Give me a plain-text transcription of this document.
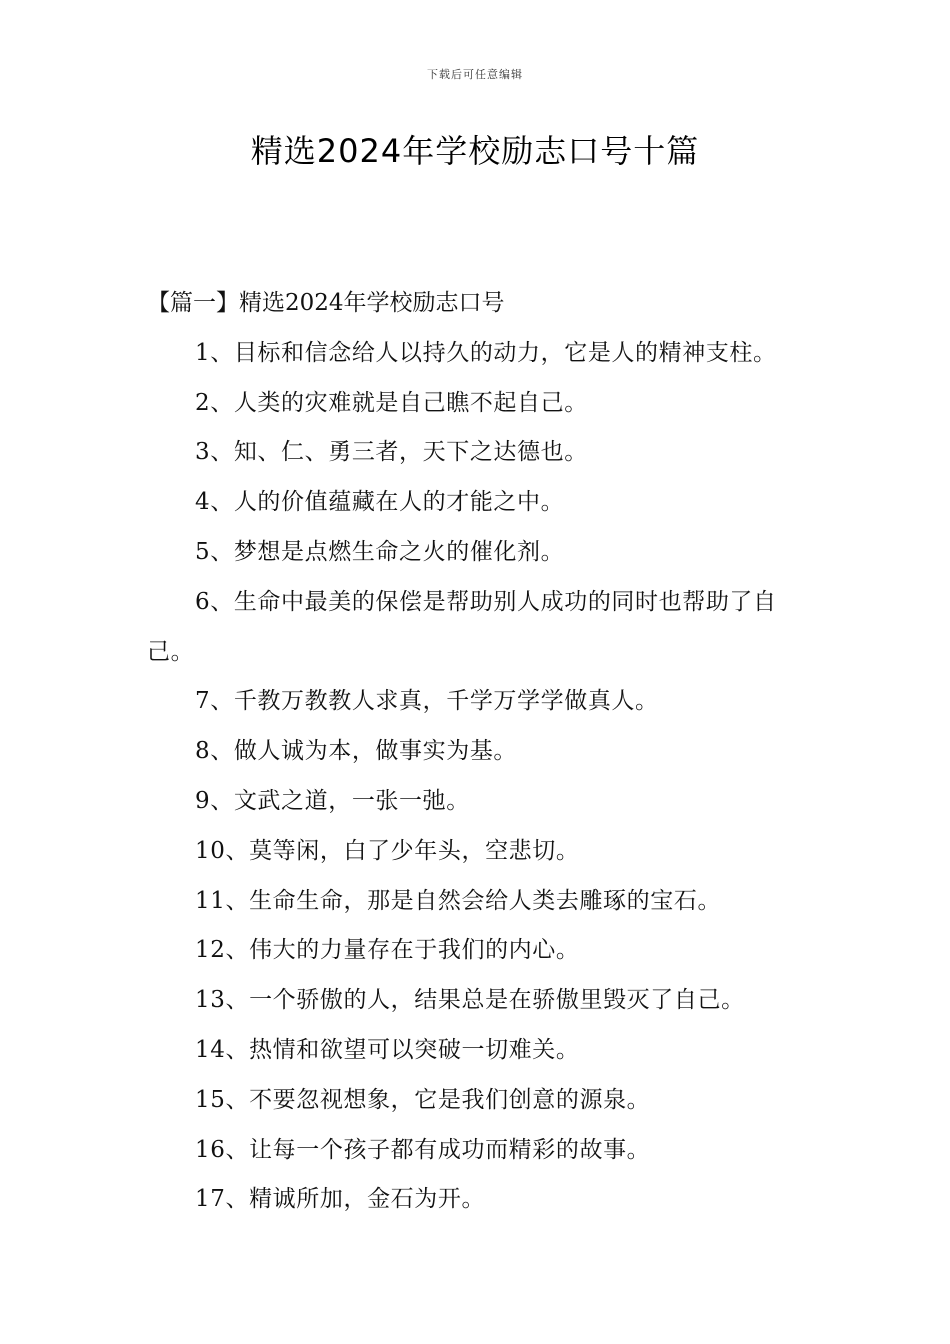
下载后可任意编辑
精选2024年学校励志口号十篇
【篇一】精选2024年学校励志口号
1、目标和信念给人以持久的动力，它是人的精神支柱。
2、人类的灾难就是自己瞧不起自己。
3、知、仁、勇三者，天下之达德也。
4、人的价值蕴藏在人的才能之中。
5、梦想是点燃生命之火的催化剂。
6、生命中最美的保偿是帮助别人成功的同时也帮助了自己。
7、千教万教教人求真，千学万学学做真人。
8、做人诚为本，做事实为基。
9、文武之道，一张一弛。
10、莫等闲，白了少年头，空悲切。
11、生命生命，那是自然会给人类去雕琢的宝石。
12、伟大的力量存在于我们的内心。
13、一个骄傲的人，结果总是在骄傲里毁灭了自己。
14、热情和欲望可以突破一切难关。
15、不要忽视想象，它是我们创意的源泉。
16、让每一个孩子都有成功而精彩的故事。
17、精诚所加，金石为开。
